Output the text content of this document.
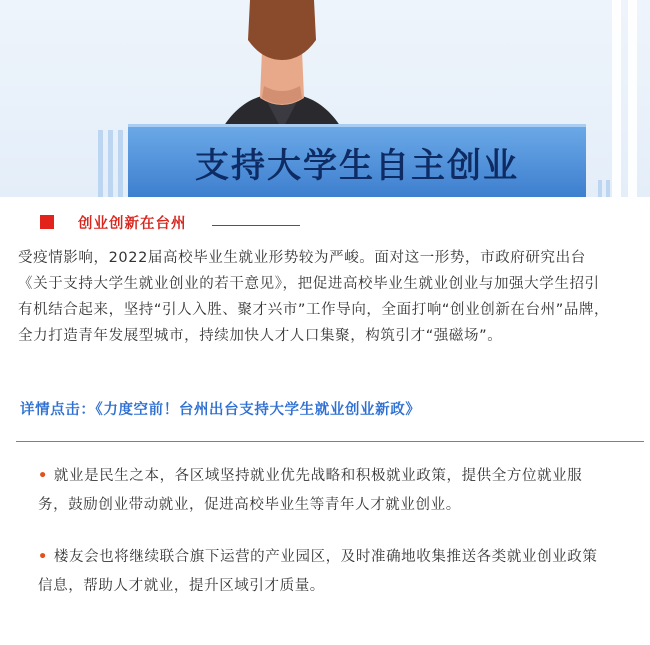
支持大学生自主创业
创业创新在台州
受疫情影响，2022届高校毕业生就业形势较为严峻。面对这一形势，市政府研究出台
《关于支持大学生就业创业的若干意见》，把促进高校毕业生就业创业与加强大学生招引
有机结合起来，坚持“引人入胜、聚才兴市”工作导向，全面打响“创业创新在台州”品牌，
全力打造青年发展型城市，持续加快人才人口集聚，构筑引才“强磁场”。
详情点击：《力度空前！台州出台支持大学生就业创业新政》
• 就业是民生之本，各区域坚持就业优先战略和积极就业政策，提供全方位就业服
务，鼓励创业带动就业，促进高校毕业生等青年人才就业创业。
• 楼友会也将继续联合旗下运营的产业园区，及时准确地收集推送各类就业创业政策
信息，帮助人才就业，提升区域引才质量。
